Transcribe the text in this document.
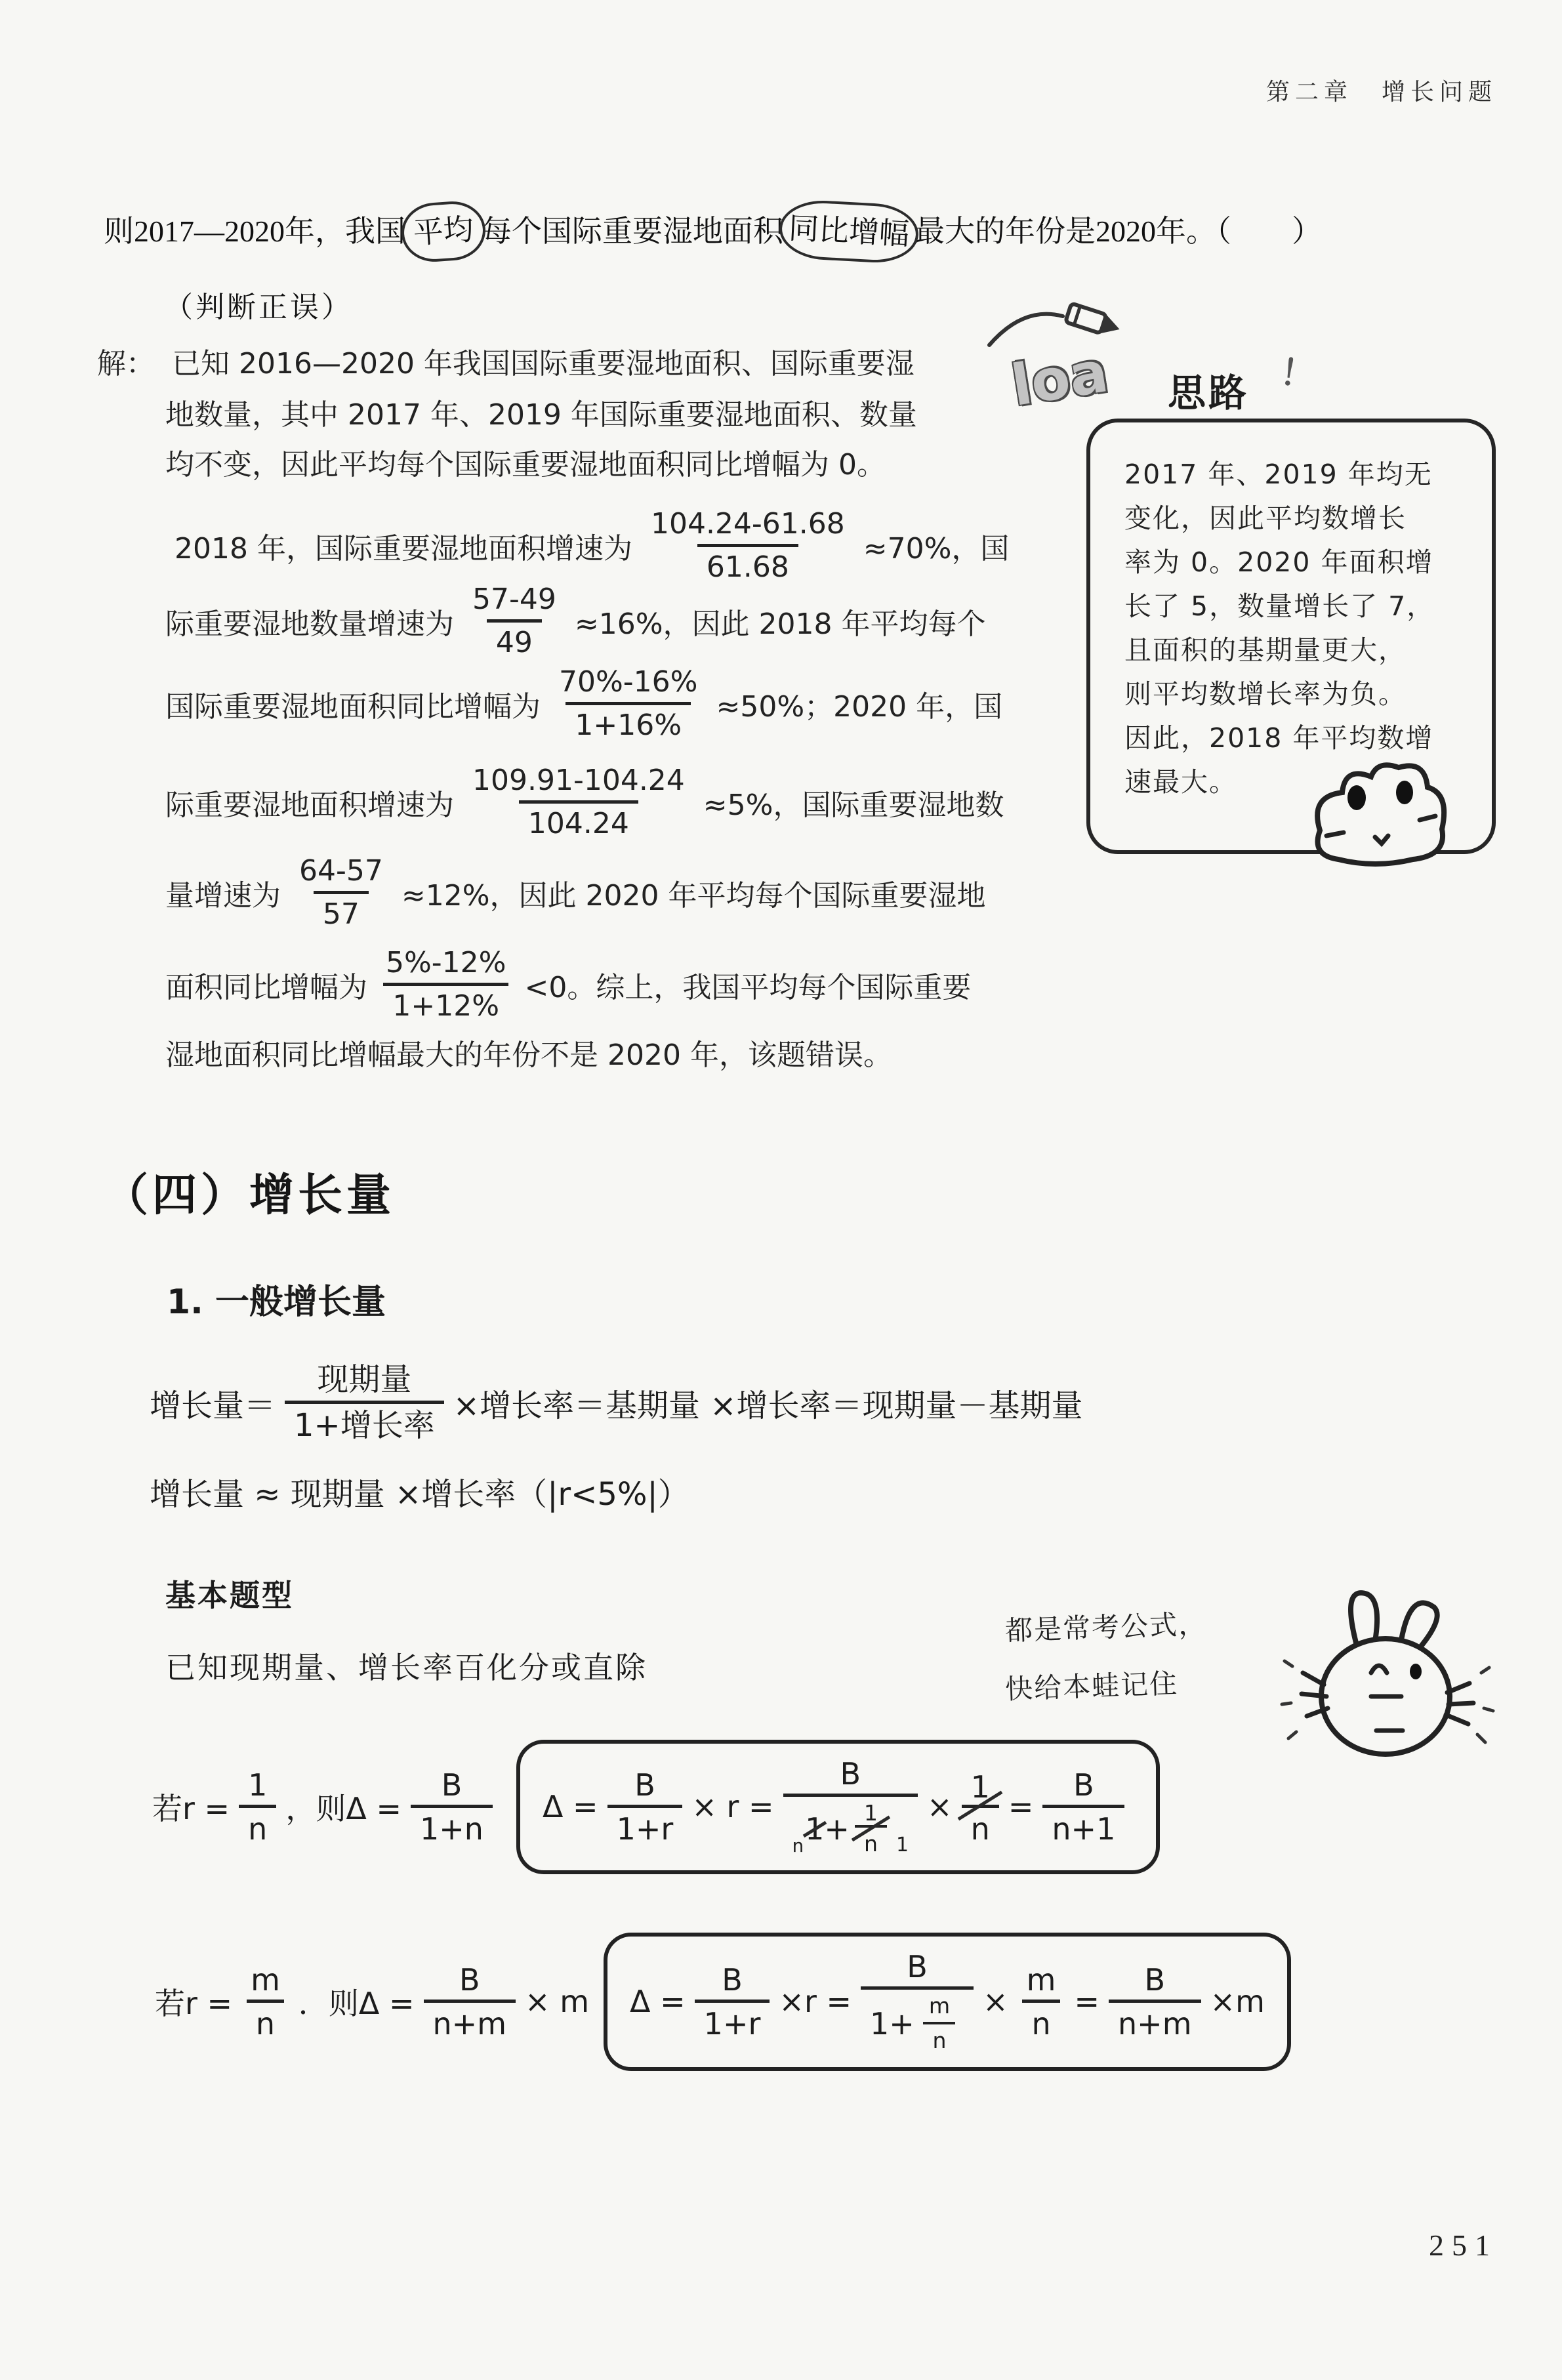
第二章　增长问题
则2017—2020年，我国 平均 每个国际重要湿地面积 同比增幅 最大的年份是2020年。（　　）
（判断正误）
解： 已知 2016—2020 年我国国际重要湿地面积、国际重要湿
地数量，其中 2017 年、2019 年国际重要湿地面积、数量
均不变，因此平均每个国际重要湿地面积同比增幅为 0。
2018 年，国际重要湿地面积增速为 $\frac{104.24-61.68}{61.68} \approx 70\%$，国
际重要湿地数量增速为 $\frac{57-49}{49} \approx 16\%$，因此 2018 年平均每个
国际重要湿地面积同比增幅为 $\frac{70\%-16\%}{1+16\%} \approx 50\%$；2020 年，国
际重要湿地面积增速为 $\frac{109.91-104.24}{104.24} \approx 5\%$，国际重要湿地数
量增速为 $\frac{64-57}{57} \approx 12\%$，因此 2020 年平均每个国际重要湿地
面积同比增幅为 $\frac{5\%-12\%}{1+12\%} <0$。综上，我国平均每个国际重要
湿地面积同比增幅最大的年份不是 2020 年，该题错误。
loa 思路 ！
2017 年、2019 年均无
变化，因此平均数增长
率为 0。2020 年面积增
长了 5，数量增长了 7，
且面积的基期量更大，
则平均数增长率为负。
因此，2018 年平均数增
速最大。
（四）增长量
1. 一般增长量
增长量＝ $\frac{\text{现期量}}{\text{1+增长率}}$ ×增长率＝基期量 ×增长率＝现期量－基期量
增长量 ≈ 现期量 ×增长率（|r<5%|）
基本题型
已知现期量、增长率百化分或直除
都是常考公式，
快给本蛙记住
若$r = \frac{1}{n}$ ，则$\Delta = \frac{B}{1+n}$ $\Delta = \frac{B}{1+r} \times r$ =
B
n $1 + \frac{1}{n} 1$
× $\frac{1}{n} = \frac{B}{n+1}$
若$r = \frac{m}{n}$ ．则$\Delta = \frac{B}{n+m} \times m$ $\Delta = \frac{B}{1+r} \times r = \frac{B}{1+ \frac{m}{n}} \times \frac{m}{n} = \frac{B}{n+m} \times m$
251
